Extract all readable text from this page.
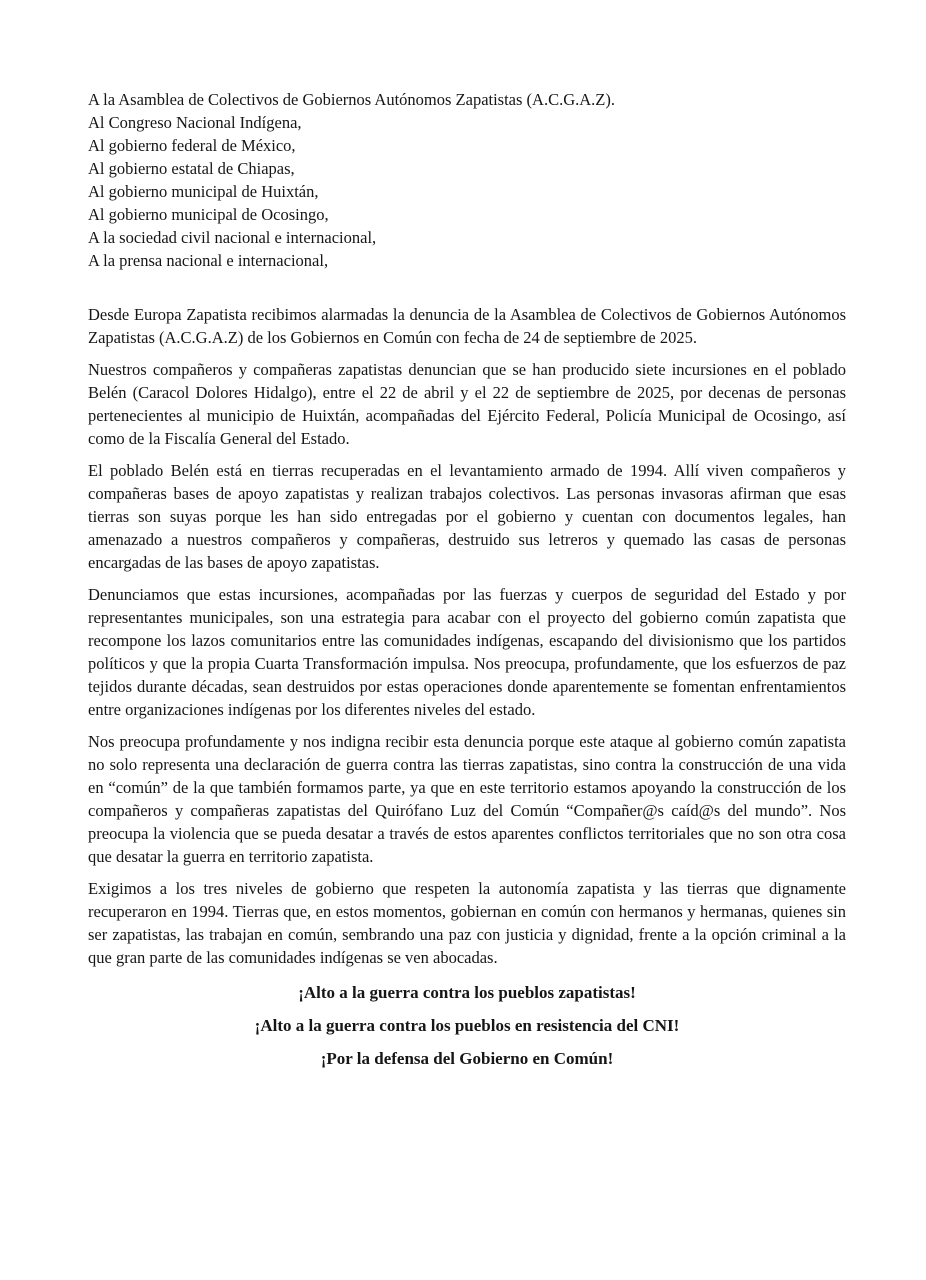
A la Asamblea de Colectivos de Gobiernos Autónomos Zapatistas (A.C.G.A.Z).

Al Congreso Nacional Indígena,

Al gobierno federal de México,

Al gobierno estatal de Chiapas,

Al gobierno municipal de Huixtán,

Al gobierno municipal de Ocosingo,

A la sociedad civil nacional e internacional,

A la prensa nacional e internacional,

Desde Europa Zapatista recibimos alarmadas la denuncia de la Asamblea de Colectivos de Gobiernos Autónomos Zapatistas (A.C.G.A.Z) de los Gobiernos en Común con fecha de 24 de septiembre de 2025.

Nuestros compañeros y compañeras zapatistas denuncian que se han producido siete incursiones en el poblado Belén (Caracol Dolores Hidalgo), entre el 22 de abril y el 22 de septiembre de 2025, por decenas de personas pertenecientes al municipio de Huixtán, acompañadas del Ejército Federal, Policía Municipal de Ocosingo, así como de la Fiscalía General del Estado.

El poblado Belén está en tierras recuperadas en el levantamiento armado de 1994. Allí viven compañeros y compañeras bases de apoyo zapatistas y realizan trabajos colectivos. Las personas invasoras afirman que esas tierras son suyas porque les han sido entregadas por el gobierno y cuentan con documentos legales, han amenazado a nuestros compañeros y compañeras, destruido sus letreros y quemado las casas de personas encargadas de las bases de apoyo zapatistas.

Denunciamos que estas incursiones, acompañadas por las fuerzas y cuerpos de seguridad del Estado y por representantes municipales, son una estrategia para acabar con el proyecto del gobierno común zapatista que recompone los lazos comunitarios entre las comunidades indígenas, escapando del divisionismo que los partidos políticos y que la propia Cuarta Transformación impulsa. Nos preocupa, profundamente, que los esfuerzos de paz tejidos durante décadas, sean destruidos por estas operaciones donde aparentemente se fomentan enfrentamientos entre organizaciones indígenas por los diferentes niveles del estado.

Nos preocupa profundamente y nos indigna recibir esta denuncia porque este ataque al gobierno común zapatista no solo representa una declaración de guerra contra las tierras zapatistas, sino contra la construcción de una vida en “común” de la que también formamos parte, ya que en este territorio estamos apoyando la construcción de los compañeros y compañeras zapatistas del Quirófano Luz del Común “Compañer@s caíd@s del mundo”. Nos preocupa la violencia que se pueda desatar a través de estos aparentes conflictos territoriales que no son otra cosa que desatar la guerra en territorio zapatista.

Exigimos a los tres niveles de gobierno que respeten la autonomía zapatista y las tierras que dignamente recuperaron en 1994. Tierras que, en estos momentos, gobiernan en común con hermanos y hermanas, quienes sin ser zapatistas, las trabajan en común, sembrando una paz con justicia y dignidad, frente a la opción criminal a la que gran parte de las comunidades indígenas se ven abocadas.

¡Alto a la guerra contra los pueblos zapatistas!

¡Alto a la guerra contra los pueblos en resistencia del CNI!

¡Por la defensa del Gobierno en Común!
